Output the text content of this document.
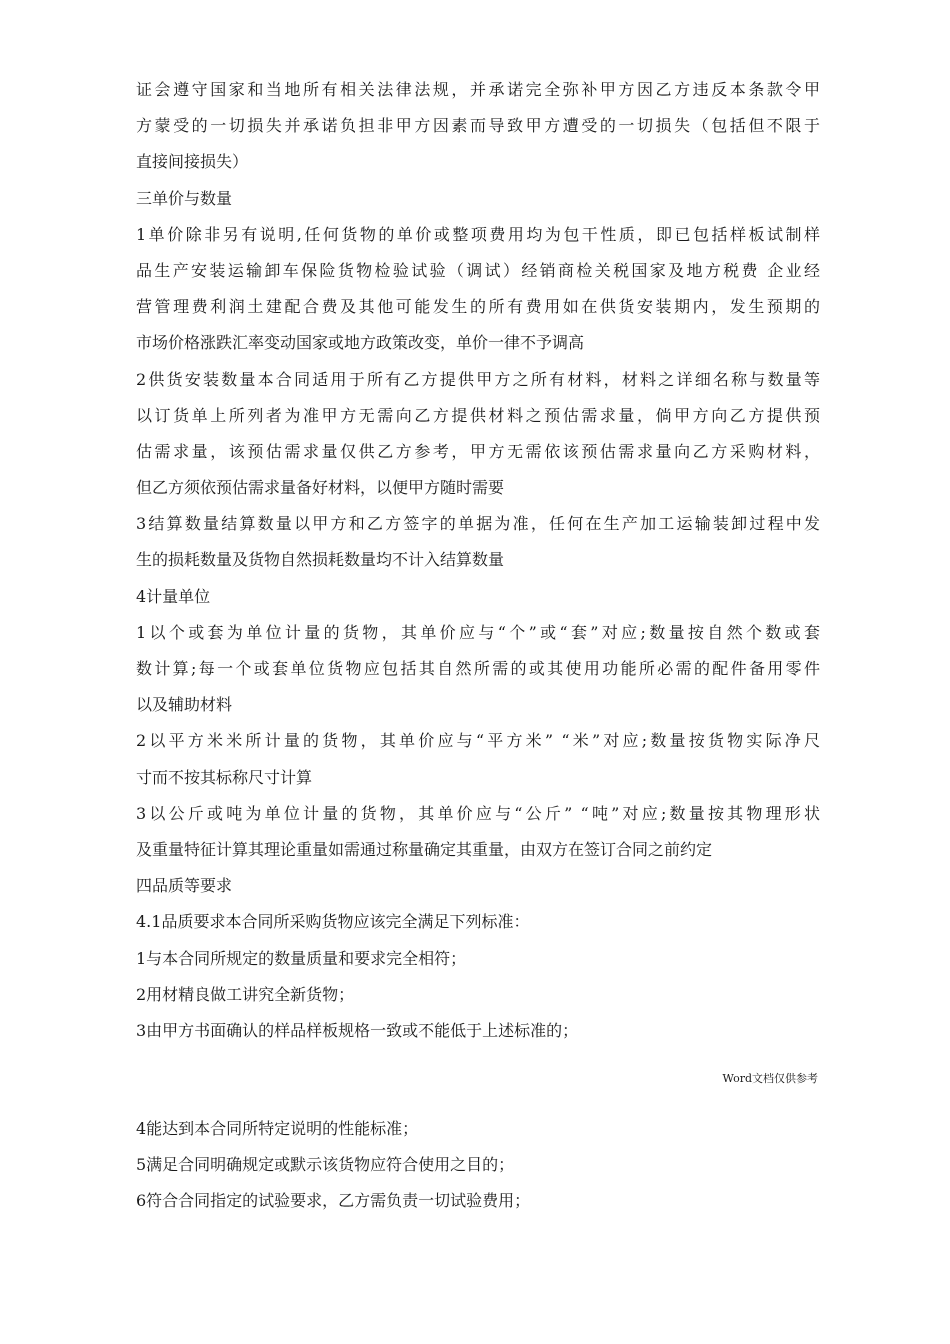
证会遵守国家和当地所有相关法律法规，并承诺完全弥补甲方因乙方违反本条款令甲
方蒙受的一切损失并承诺负担非甲方因素而导致甲方遭受的一切损失（包括但不限于
直接间接损失）
三单价与数量
1单价除非另有说明,任何货物的单价或整项费用均为包干性质，即已包括样板试制样
品生产安装运输卸车保险货物检验试验（调试）经销商检关税国家及地方税费 企业经
营管理费利润土建配合费及其他可能发生的所有费用如在供货安装期内，发生预期的
市场价格涨跌汇率变动国家或地方政策改变，单价一律不予调高
2供货安装数量本合同适用于所有乙方提供甲方之所有材料，材料之详细名称与数量等
以订货单上所列者为准甲方无需向乙方提供材料之预估需求量，倘甲方向乙方提供预
估需求量，该预估需求量仅供乙方参考，甲方无需依该预估需求量向乙方采购材料，
但乙方须依预估需求量备好材料，以便甲方随时需要
3结算数量结算数量以甲方和乙方签字的单据为准，任何在生产加工运输装卸过程中发
生的损耗数量及货物自然损耗数量均不计入结算数量
4计量单位
1以个或套为单位计量的货物，其单价应与“个”或“套”对应;数量按自然个数或套
数计算;每一个或套单位货物应包括其自然所需的或其使用功能所必需的配件备用零件
以及辅助材料
2以平方米米所计量的货物，其单价应与“平方米” “米”对应;数量按货物实际净尺
寸而不按其标称尺寸计算
3以公斤或吨为单位计量的货物，其单价应与“公斤” “吨”对应;数量按其物理形状
及重量特征计算其理论重量如需通过称量确定其重量，由双方在签订合同之前约定
四品质等要求
4.1品质要求本合同所采购货物应该完全满足下列标准：
1与本合同所规定的数量质量和要求完全相符；
2用材精良做工讲究全新货物；
3由甲方书面确认的样品样板规格一致或不能低于上述标准的；
Word文档仅供参考
4能达到本合同所特定说明的性能标准；
5满足合同明确规定或默示该货物应符合使用之目的；
6符合合同指定的试验要求，乙方需负责一切试验费用；
